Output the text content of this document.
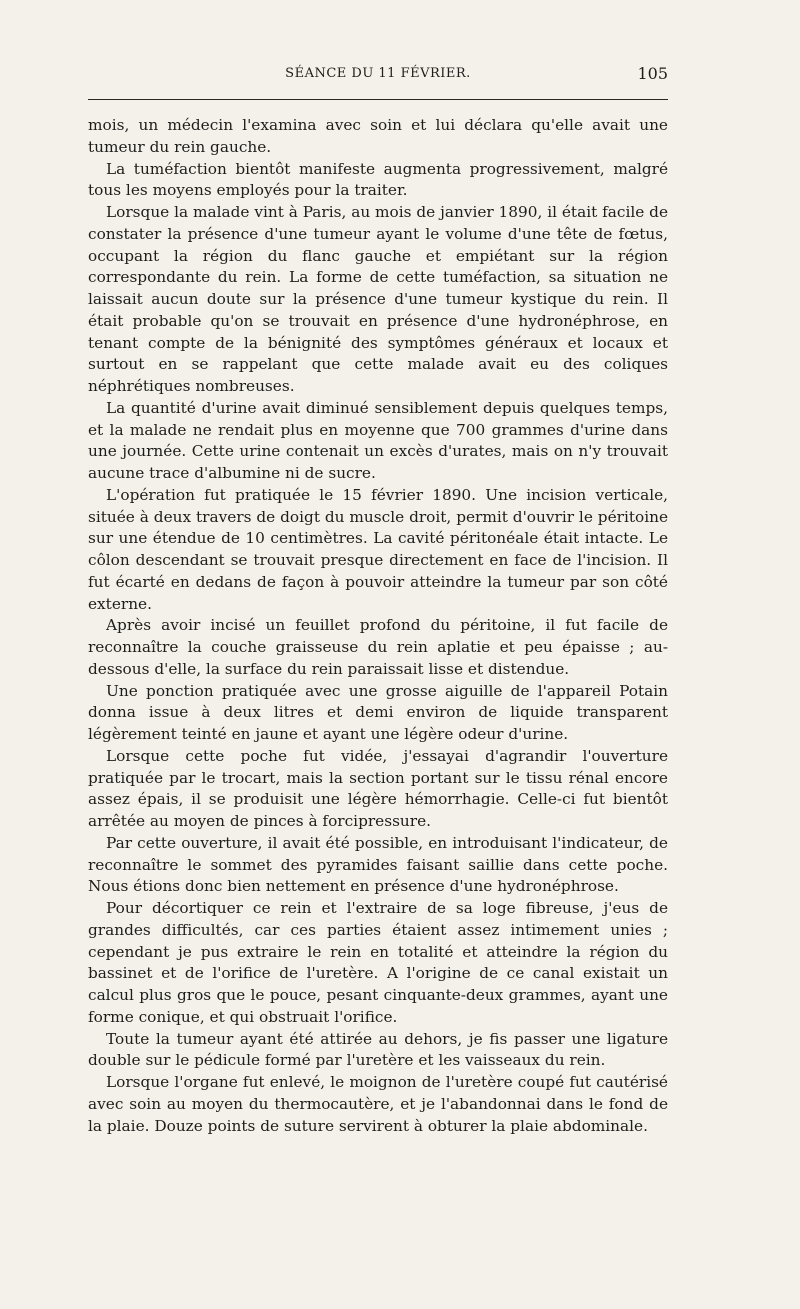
SÉANCE DU 11 FÉVRIER.	105

mois, un médecin l'examina avec soin et lui déclara qu'elle avait une tumeur du rein gauche.

La tuméfaction bientôt manifeste augmenta progressivement, malgré tous les moyens employés pour la traiter.

Lorsque la malade vint à Paris, au mois de janvier 1890, il était facile de constater la présence d'une tumeur ayant le volume d'une tête de fœtus, occupant la région du flanc gauche et empiétant sur la région correspondante du rein. La forme de cette tuméfaction, sa situation ne laissait aucun doute sur la présence d'une tumeur kystique du rein. Il était probable qu'on se trouvait en présence d'une hydronéphrose, en tenant compte de la bénignité des symptômes généraux et locaux et surtout en se rappelant que cette malade avait eu des coliques néphrétiques nombreuses.

La quantité d'urine avait diminué sensiblement depuis quelques temps, et la malade ne rendait plus en moyenne que 700 grammes d'urine dans une journée. Cette urine contenait un excès d'urates, mais on n'y trouvait aucune trace d'albumine ni de sucre.

L'opération fut pratiquée le 15 février 1890. Une incision verticale, située à deux travers de doigt du muscle droit, permit d'ouvrir le péritoine sur une étendue de 10 centimètres. La cavité péritonéale était intacte. Le côlon descendant se trouvait presque directement en face de l'incision. Il fut écarté en dedans de façon à pouvoir atteindre la tumeur par son côté externe.

Après avoir incisé un feuillet profond du péritoine, il fut facile de reconnaître la couche graisseuse du rein aplatie et peu épaisse ; au-dessous d'elle, la surface du rein paraissait lisse et distendue.

Une ponction pratiquée avec une grosse aiguille de l'appareil Potain donna issue à deux litres et demi environ de liquide transparent légèrement teinté en jaune et ayant une légère odeur d'urine.

Lorsque cette poche fut vidée, j'essayai d'agrandir l'ouverture pratiquée par le trocart, mais la section portant sur le tissu rénal encore assez épais, il se produisit une légère hémorrhagie. Celle-ci fut bientôt arrêtée au moyen de pinces à forcipressure.

Par cette ouverture, il avait été possible, en introduisant l'indicateur, de reconnaître le sommet des pyramides faisant saillie dans cette poche. Nous étions donc bien nettement en présence d'une hydronéphrose.

Pour décortiquer ce rein et l'extraire de sa loge fibreuse, j'eus de grandes difficultés, car ces parties étaient assez intimement unies ; cependant je pus extraire le rein en totalité et atteindre la région du bassinet et de l'orifice de l'uretère. A l'origine de ce canal existait un calcul plus gros que le pouce, pesant cinquante-deux grammes, ayant une forme conique, et qui obstruait l'orifice.

Toute la tumeur ayant été attirée au dehors, je fis passer une ligature double sur le pédicule formé par l'uretère et les vaisseaux du rein.

Lorsque l'organe fut enlevé, le moignon de l'uretère coupé fut cautérisé avec soin au moyen du thermocautère, et je l'abandonnai dans le fond de la plaie. Douze points de suture servirent à obturer la plaie abdominale.
